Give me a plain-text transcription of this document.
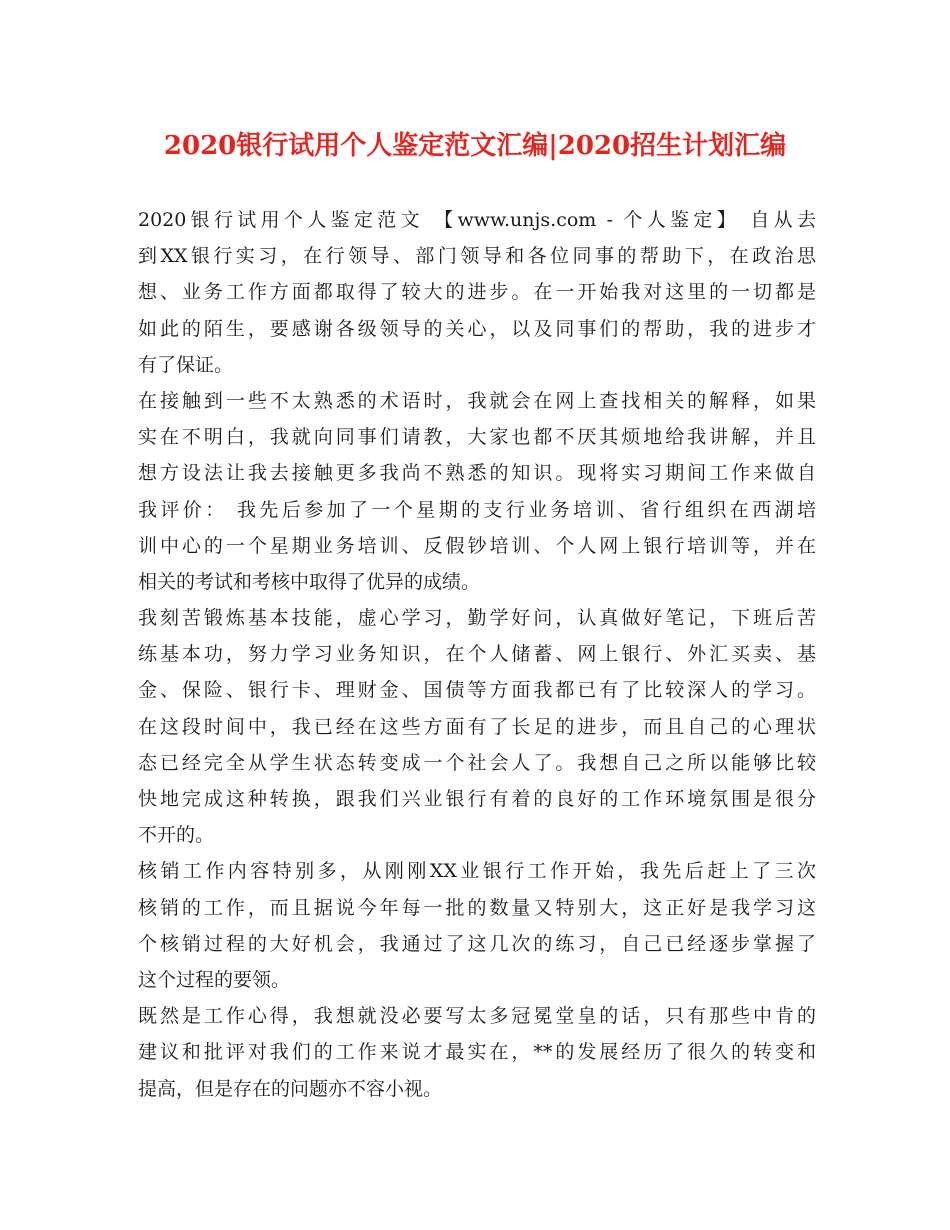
2020银行试用个人鉴定范文汇编|2020招生计划汇编
2020银行试用个人鉴定范文 【www.unjs.com - 个人鉴定】 自从去
到XX银行实习，在行领导、部门领导和各位同事的帮助下，在政治思
想、业务工作方面都取得了较大的进步。在一开始我对这里的一切都是
如此的陌生，要感谢各级领导的关心，以及同事们的帮助，我的进步才
有了保证。
在接触到一些不太熟悉的术语时，我就会在网上查找相关的解释，如果
实在不明白，我就向同事们请教，大家也都不厌其烦地给我讲解，并且
想方设法让我去接触更多我尚不熟悉的知识。现将实习期间工作来做自
我评价： 我先后参加了一个星期的支行业务培训、省行组织在西湖培
训中心的一个星期业务培训、反假钞培训、个人网上银行培训等，并在
相关的考试和考核中取得了优异的成绩。
我刻苦锻炼基本技能，虚心学习，勤学好问，认真做好笔记，下班后苦
练基本功，努力学习业务知识，在个人储蓄、网上银行、外汇买卖、基
金、保险、银行卡、理财金、国债等方面我都已有了比较深人的学习。
在这段时间中，我已经在这些方面有了长足的进步，而且自己的心理状
态已经完全从学生状态转变成一个社会人了。我想自己之所以能够比较
快地完成这种转换，跟我们兴业银行有着的良好的工作环境氛围是很分
不开的。
核销工作内容特别多，从刚刚XX业银行工作开始，我先后赶上了三次
核销的工作，而且据说今年每一批的数量又特别大，这正好是我学习这
个核销过程的大好机会，我通过了这几次的练习，自己已经逐步掌握了
这个过程的要领。
既然是工作心得，我想就没必要写太多冠冕堂皇的话，只有那些中肯的
建议和批评对我们的工作来说才最实在，**的发展经历了很久的转变和
提高，但是存在的问题亦不容小视。
